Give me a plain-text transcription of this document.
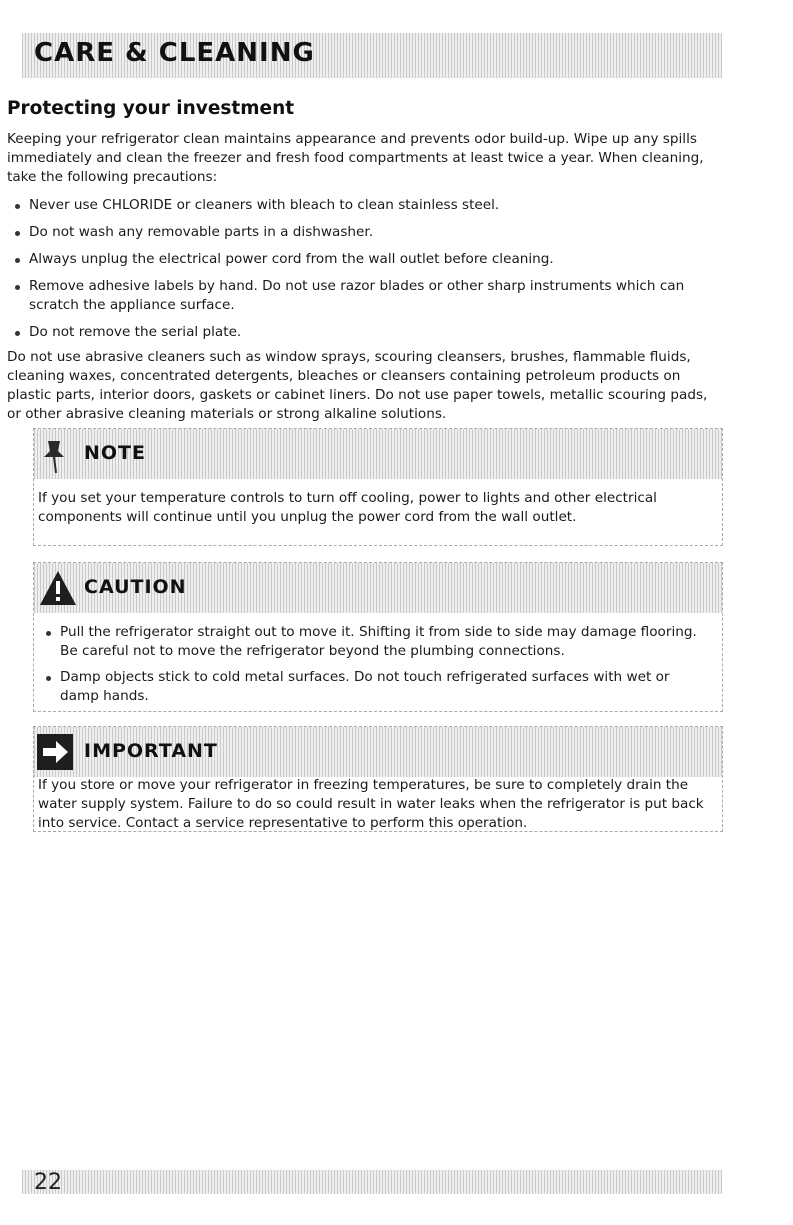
CARE & CLEANING
Protecting your investment

Keeping your refrigerator clean maintains appearance and prevents odor build-up. Wipe up any spills immediately and clean the freezer and fresh food compartments at least twice a year. When cleaning, take the following precautions:

Never use CHLORIDE or cleaners with bleach to clean stainless steel.
Do not wash any removable parts in a dishwasher.
Always unplug the electrical power cord from the wall outlet before cleaning.
Remove adhesive labels by hand. Do not use razor blades or other sharp instruments which can scratch the appliance surface.
Do not remove the serial plate.

Do not use abrasive cleaners such as window sprays, scouring cleansers, brushes, flammable fluids, cleaning waxes, concentrated detergents, bleaches or cleansers containing petroleum products on plastic parts, interior doors, gaskets or cabinet liners. Do not use paper towels, metallic scouring pads, or other abrasive cleaning materials or strong alkaline solutions.

NOTE

If you set your temperature controls to turn off cooling, power to lights and other electrical components will continue until you unplug the power cord from the wall outlet.

CAUTION
Pull the refrigerator straight out to move it. Shifting it from side to side may damage flooring. Be careful not to move the refrigerator beyond the plumbing connections.
Damp objects stick to cold metal surfaces. Do not touch refrigerated surfaces with wet or damp hands.
IMPORTANT

If you store or move your refrigerator in freezing temperatures, be sure to completely drain the water supply system. Failure to do so could result in water leaks when the refrigerator is put back into service. Contact a service representative to perform this operation.

22
